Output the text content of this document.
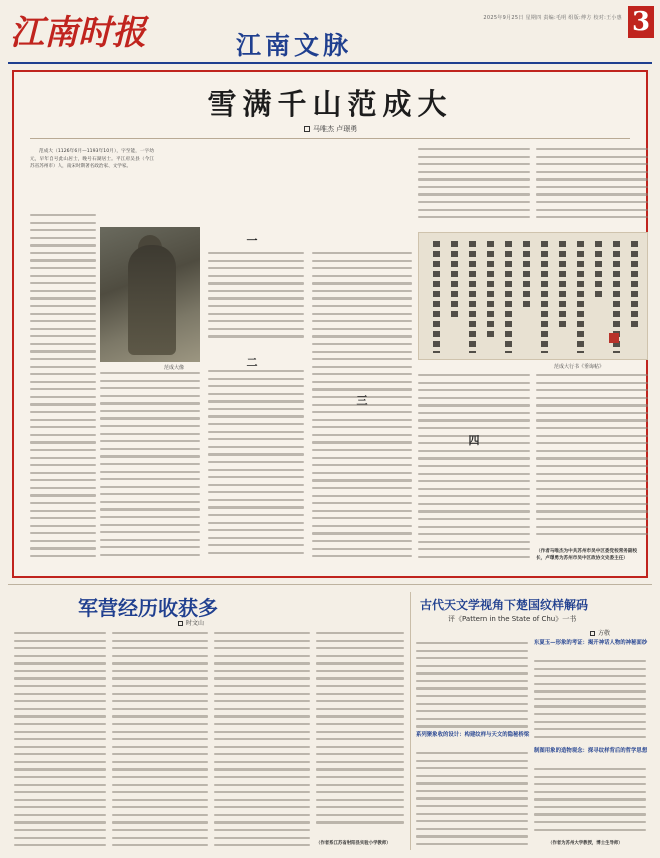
江南时报	江南文脉
2025年9月25日 星期四 责编:毛明 组版:傅方 校对:王小惠 3
雪满千山范成大
马唯杰 卢璟勇

范成大（1126年6月—1193年10月），字至能，一字幼元，早年自号此山居士，晚号石湖居士。平江府吴县（今江苏省苏州市）人，南宋时期著名政治家、文学家。

范成大像
一
二
三
范成大行书《垂诲帖》
四
（作者马唯杰为中共苏州市吴中区委党校常务副校长，卢璟勇为苏州市吴中区政协文史委主任）
军营经历收获多
时文山
（作者系江苏省射阳县实验小学教师）
古代天文学视角下楚国纹样解码
评《Pattern in the State of Chu》一书
方敬
系列聚象收的设计：构建纹样与天文的隐秘桥梁
东夏玉—形象的考证：揭开神话人物的神秘面纱
制图用象的造物观念：探寻纹样背后的哲学思想
（作者为苏州大学教授，博士生导师）
